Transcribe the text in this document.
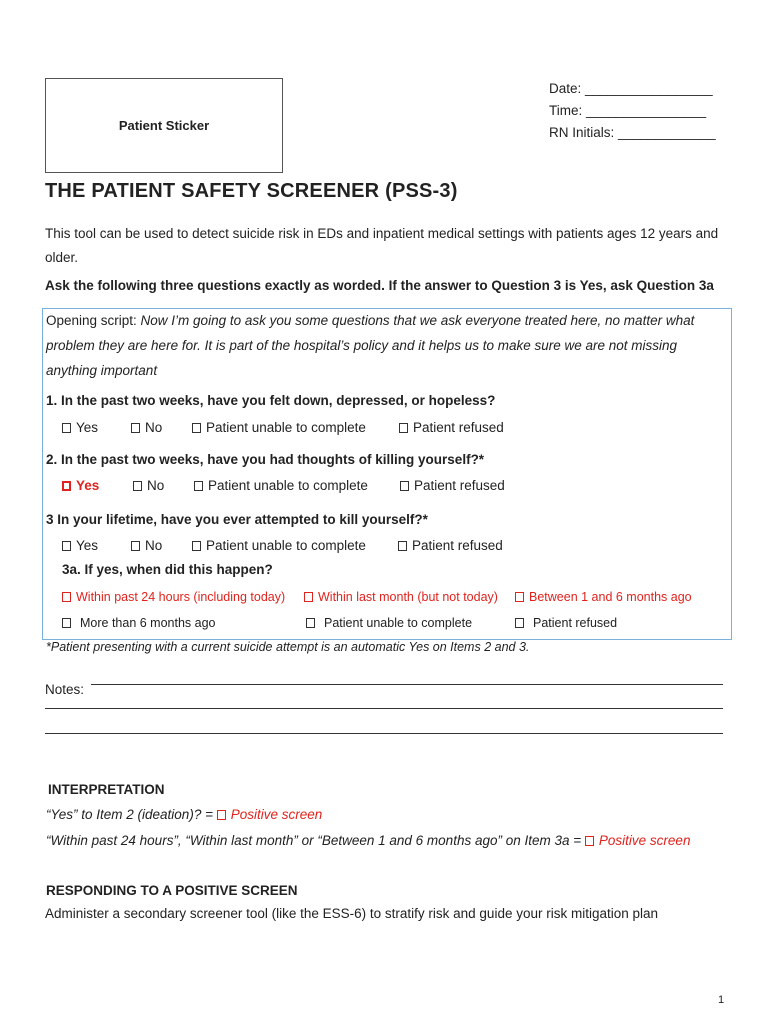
Patient Sticker
Date: _________________
Time: ________________
RN Initials: _____________
THE PATIENT SAFETY SCREENER (PSS-3)
This tool can be used to detect suicide risk in EDs and inpatient medical settings with patients ages 12 years and older.
Ask the following three questions exactly as worded. If the answer to Question 3 is Yes, ask Question 3a
Opening script: Now I’m going to ask you some questions that we ask everyone treated here, no matter what problem they are here for. It is part of the hospital’s policy and it helps us to make sure we are not missing anything important
1. In the past two weeks, have you felt down, depressed, or hopeless?
Yes	No	Patient unable to complete	Patient refused
2. In the past two weeks, have you had thoughts of killing yourself?*
Yes	No	Patient unable to complete	Patient refused
3 In your lifetime, have you ever attempted to kill yourself?*
Yes	No	Patient unable to complete	Patient refused
3a. If yes, when did this happen?
Within past 24 hours (including today)	Within last month (but not today)	Between 1 and 6 months ago
More than 6 months ago	Patient unable to complete	Patient refused
*Patient presenting with a current suicide attempt is an automatic Yes on Items 2 and 3.
Notes:
INTERPRETATION
“Yes” to Item 2 (ideation)? = Positive screen
“Within past 24 hours”, “Within last month” or “Between 1 and 6 months ago” on Item 3a = Positive screen
RESPONDING TO A POSITIVE SCREEN
Administer a secondary screener tool (like the ESS-6) to stratify risk and guide your risk mitigation plan
1
